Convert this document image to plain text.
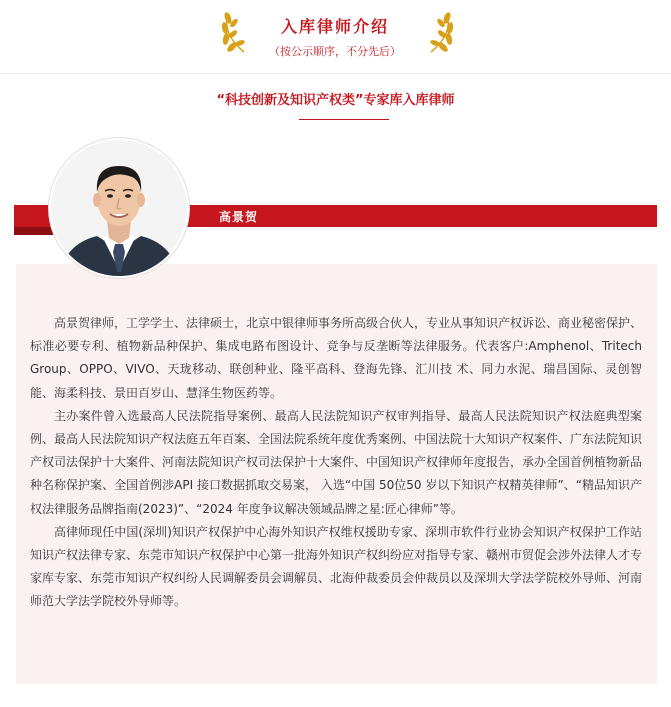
入库律师介绍
（按公示顺序，不分先后）
“科技创新及知识产权类”专家库入库律师
高景贺

高景贺律师，工学学士、法律硕士，北京中银律师事务所高级合伙人，专业从事知识产权诉讼、商业秘密保护、标准必要专利、植物新品种保护、集成电路布图设计、竞争与反垄断等法律服务。代表客户:Amphenol、Tritech Group、OPPO、VIVO、天珑移动、联创种业、隆平高科、登海先锋、汇川技 术、同力水泥、瑞昌国际、灵创智能、海柔科技、景田百岁山、慧泽生物医药等。

主办案件曾入选最高人民法院指导案例、最高人民法院知识产权审判指导、最高人民法院知识产权法庭典型案例、最高人民法院知识产权法庭五年百案、全国法院系统年度优秀案例、中国法院十大知识产权案件、广东法院知识产权司法保护十大案件、河南法院知识产权司法保护十大案件、中国知识产权律师年度报告，承办全国首例植物新品种名称保护案、全国首例涉API 接口数据抓取交易案， 入选“中国 50位50 岁以下知识产权精英律师”、“精品知识产权法律服务品牌指南(2023)”、“2024 年度争议解决领域品牌之星:匠心律师”等。

高律师现任中国(深圳)知识产权保护中心海外知识产权维权援助专家、深圳市软件行业协会知识产权保护工作站知识产权法律专家、东莞市知识产权保护中心第一批海外知识产权纠纷应对指导专家、赣州市贸促会涉外法律人才专家库专家、东莞市知识产权纠纷人民调解委员会调解员、北海仲裁委员会仲裁员以及深圳大学法学院校外导师、河南师范大学法学院校外导师等。
